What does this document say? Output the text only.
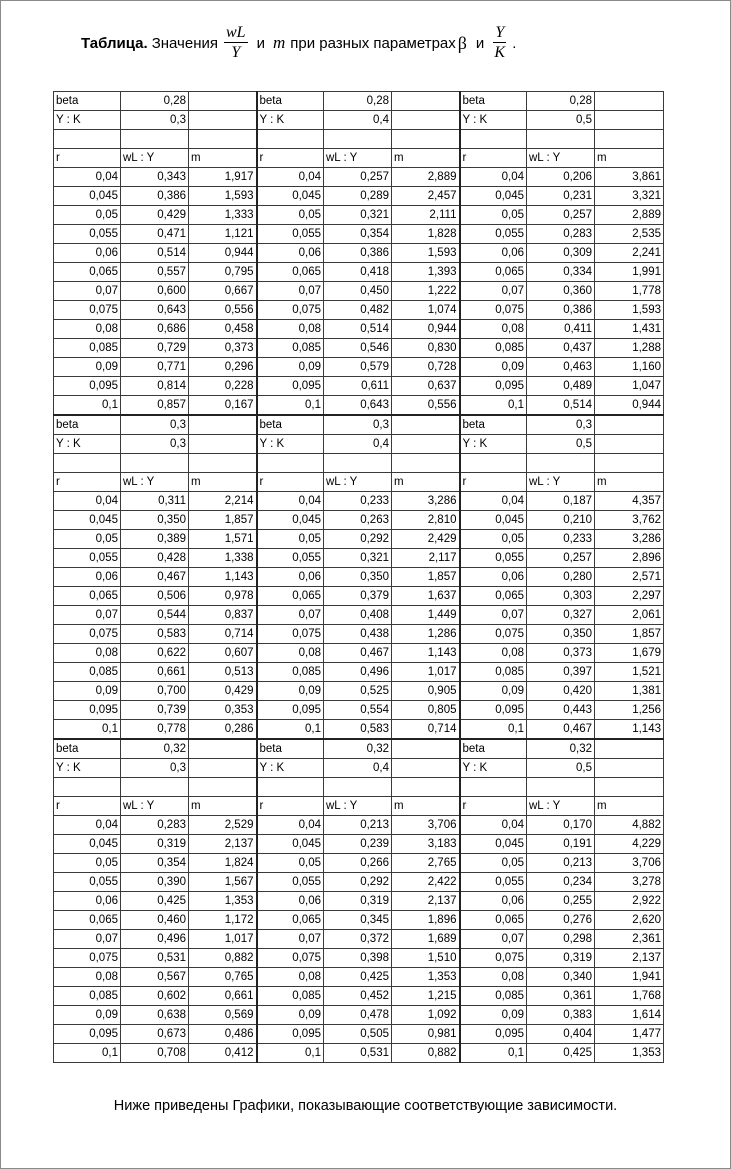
Таблица. Значения $\frac{wL}{Y}$ и m при разных параметрах β и $\frac{Y}{K}$ .
beta	0,28		beta	0,28		beta	0,28	
Y : K	0,3		Y : K	0,4		Y : K	0,5	

r	wL : Y	m	r	wL : Y	m	r	wL : Y	m
0,04	0,343	1,917	0,04	0,257	2,889	0,04	0,206	3,861
0,045	0,386	1,593	0,045	0,289	2,457	0,045	0,231	3,321
0,05	0,429	1,333	0,05	0,321	2,111	0,05	0,257	2,889
0,055	0,471	1,121	0,055	0,354	1,828	0,055	0,283	2,535
0,06	0,514	0,944	0,06	0,386	1,593	0,06	0,309	2,241
0,065	0,557	0,795	0,065	0,418	1,393	0,065	0,334	1,991
0,07	0,600	0,667	0,07	0,450	1,222	0,07	0,360	1,778
0,075	0,643	0,556	0,075	0,482	1,074	0,075	0,386	1,593
0,08	0,686	0,458	0,08	0,514	0,944	0,08	0,411	1,431
0,085	0,729	0,373	0,085	0,546	0,830	0,085	0,437	1,288
0,09	0,771	0,296	0,09	0,579	0,728	0,09	0,463	1,160
0,095	0,814	0,228	0,095	0,611	0,637	0,095	0,489	1,047
0,1	0,857	0,167	0,1	0,643	0,556	0,1	0,514	0,944
beta	0,3		beta	0,3		beta	0,3	
Y : K	0,3		Y : K	0,4		Y : K	0,5	

r	wL : Y	m	r	wL : Y	m	r	wL : Y	m
0,04	0,311	2,214	0,04	0,233	3,286	0,04	0,187	4,357
0,045	0,350	1,857	0,045	0,263	2,810	0,045	0,210	3,762
0,05	0,389	1,571	0,05	0,292	2,429	0,05	0,233	3,286
0,055	0,428	1,338	0,055	0,321	2,117	0,055	0,257	2,896
0,06	0,467	1,143	0,06	0,350	1,857	0,06	0,280	2,571
0,065	0,506	0,978	0,065	0,379	1,637	0,065	0,303	2,297
0,07	0,544	0,837	0,07	0,408	1,449	0,07	0,327	2,061
0,075	0,583	0,714	0,075	0,438	1,286	0,075	0,350	1,857
0,08	0,622	0,607	0,08	0,467	1,143	0,08	0,373	1,679
0,085	0,661	0,513	0,085	0,496	1,017	0,085	0,397	1,521
0,09	0,700	0,429	0,09	0,525	0,905	0,09	0,420	1,381
0,095	0,739	0,353	0,095	0,554	0,805	0,095	0,443	1,256
0,1	0,778	0,286	0,1	0,583	0,714	0,1	0,467	1,143
beta	0,32		beta	0,32		beta	0,32	
Y : K	0,3		Y : K	0,4		Y : K	0,5	

r	wL : Y	m	r	wL : Y	m	r	wL : Y	m
0,04	0,283	2,529	0,04	0,213	3,706	0,04	0,170	4,882
0,045	0,319	2,137	0,045	0,239	3,183	0,045	0,191	4,229
0,05	0,354	1,824	0,05	0,266	2,765	0,05	0,213	3,706
0,055	0,390	1,567	0,055	0,292	2,422	0,055	0,234	3,278
0,06	0,425	1,353	0,06	0,319	2,137	0,06	0,255	2,922
0,065	0,460	1,172	0,065	0,345	1,896	0,065	0,276	2,620
0,07	0,496	1,017	0,07	0,372	1,689	0,07	0,298	2,361
0,075	0,531	0,882	0,075	0,398	1,510	0,075	0,319	2,137
0,08	0,567	0,765	0,08	0,425	1,353	0,08	0,340	1,941
0,085	0,602	0,661	0,085	0,452	1,215	0,085	0,361	1,768
0,09	0,638	0,569	0,09	0,478	1,092	0,09	0,383	1,614
0,095	0,673	0,486	0,095	0,505	0,981	0,095	0,404	1,477
0,1	0,708	0,412	0,1	0,531	0,882	0,1	0,425	1,353
Ниже приведены Графики, показывающие соответствующие зависимости.
